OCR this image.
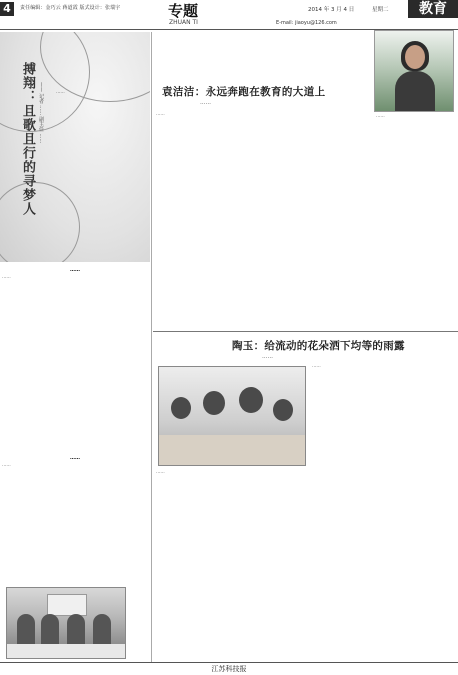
4	责任编辑：金巧云 蒋道霞 版式设计：张瑞宇	专题
ZHUAN TI
2014 年 3 月 4 日	星期二	教育
E-mail: jiaoyu@126.com
搏翔：且歌且行的寻梦人 —— 记者 …… 副主任 ……	……
……
……
……
……
袁洁洁：永远奔跑在教育的大道上
……
……	……
陶玉：给流动的花朵洒下均等的雨露
……
……
……
江苏科技报
